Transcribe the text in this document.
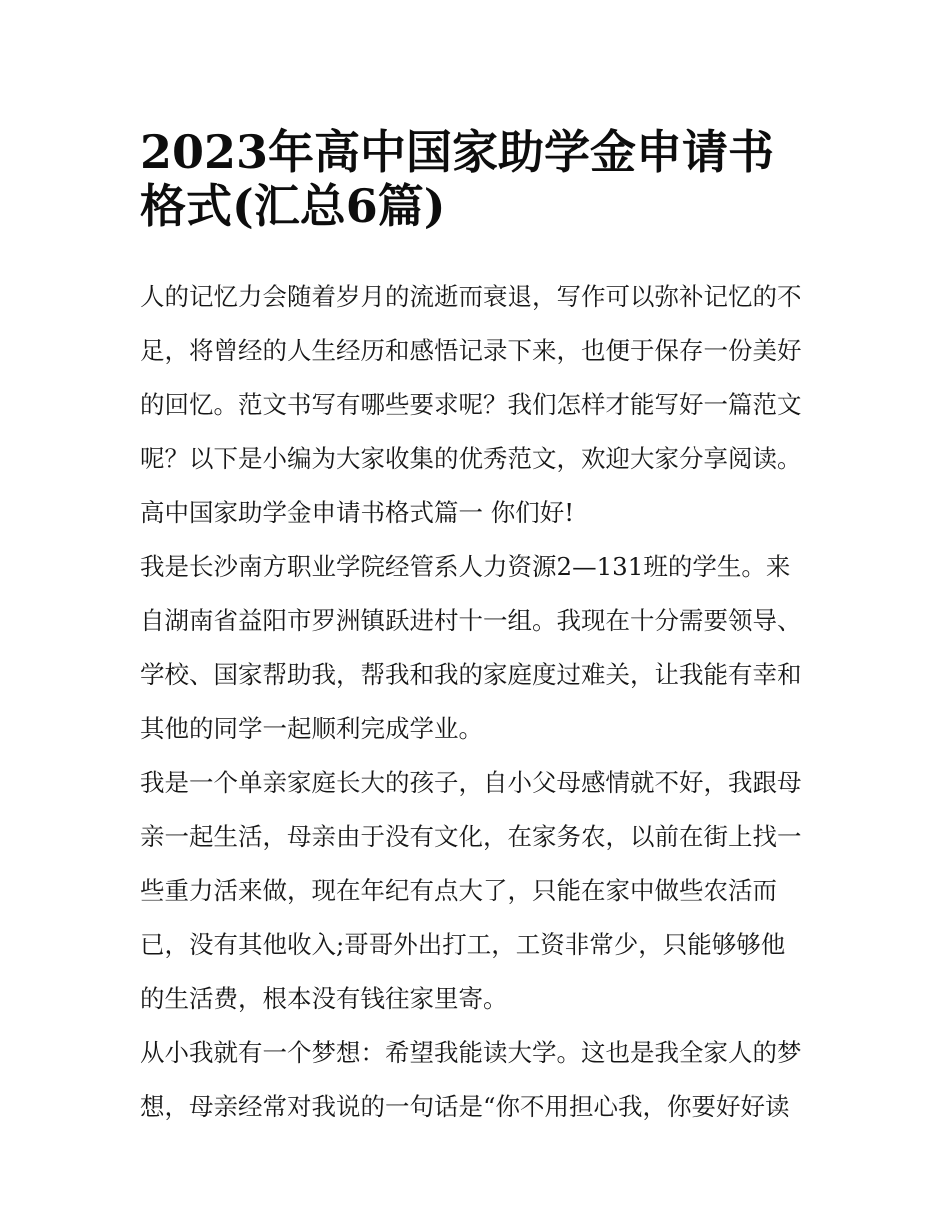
2023年高中国家助学金申请书
格式(汇总6篇)
人的记忆力会随着岁月的流逝而衰退，写作可以弥补记忆的不
足，将曾经的人生经历和感悟记录下来，也便于保存一份美好
的回忆。范文书写有哪些要求呢？我们怎样才能写好一篇范文
呢？以下是小编为大家收集的优秀范文，欢迎大家分享阅读。
高中国家助学金申请书格式篇一 你们好!
我是长沙南方职业学院经管系人力资源2—131班的学生。来
自湖南省益阳市罗洲镇跃进村十一组。我现在十分需要领导、
学校、国家帮助我，帮我和我的家庭度过难关，让我能有幸和
其他的同学一起顺利完成学业。
我是一个单亲家庭长大的孩子，自小父母感情就不好，我跟母
亲一起生活，母亲由于没有文化，在家务农，以前在街上找一
些重力活来做，现在年纪有点大了，只能在家中做些农活而
已，没有其他收入;哥哥外出打工，工资非常少，只能够够他
的生活费，根本没有钱往家里寄。
从小我就有一个梦想：希望我能读大学。这也是我全家人的梦
想，母亲经常对我说的一句话是“你不用担心我，你要好好读
